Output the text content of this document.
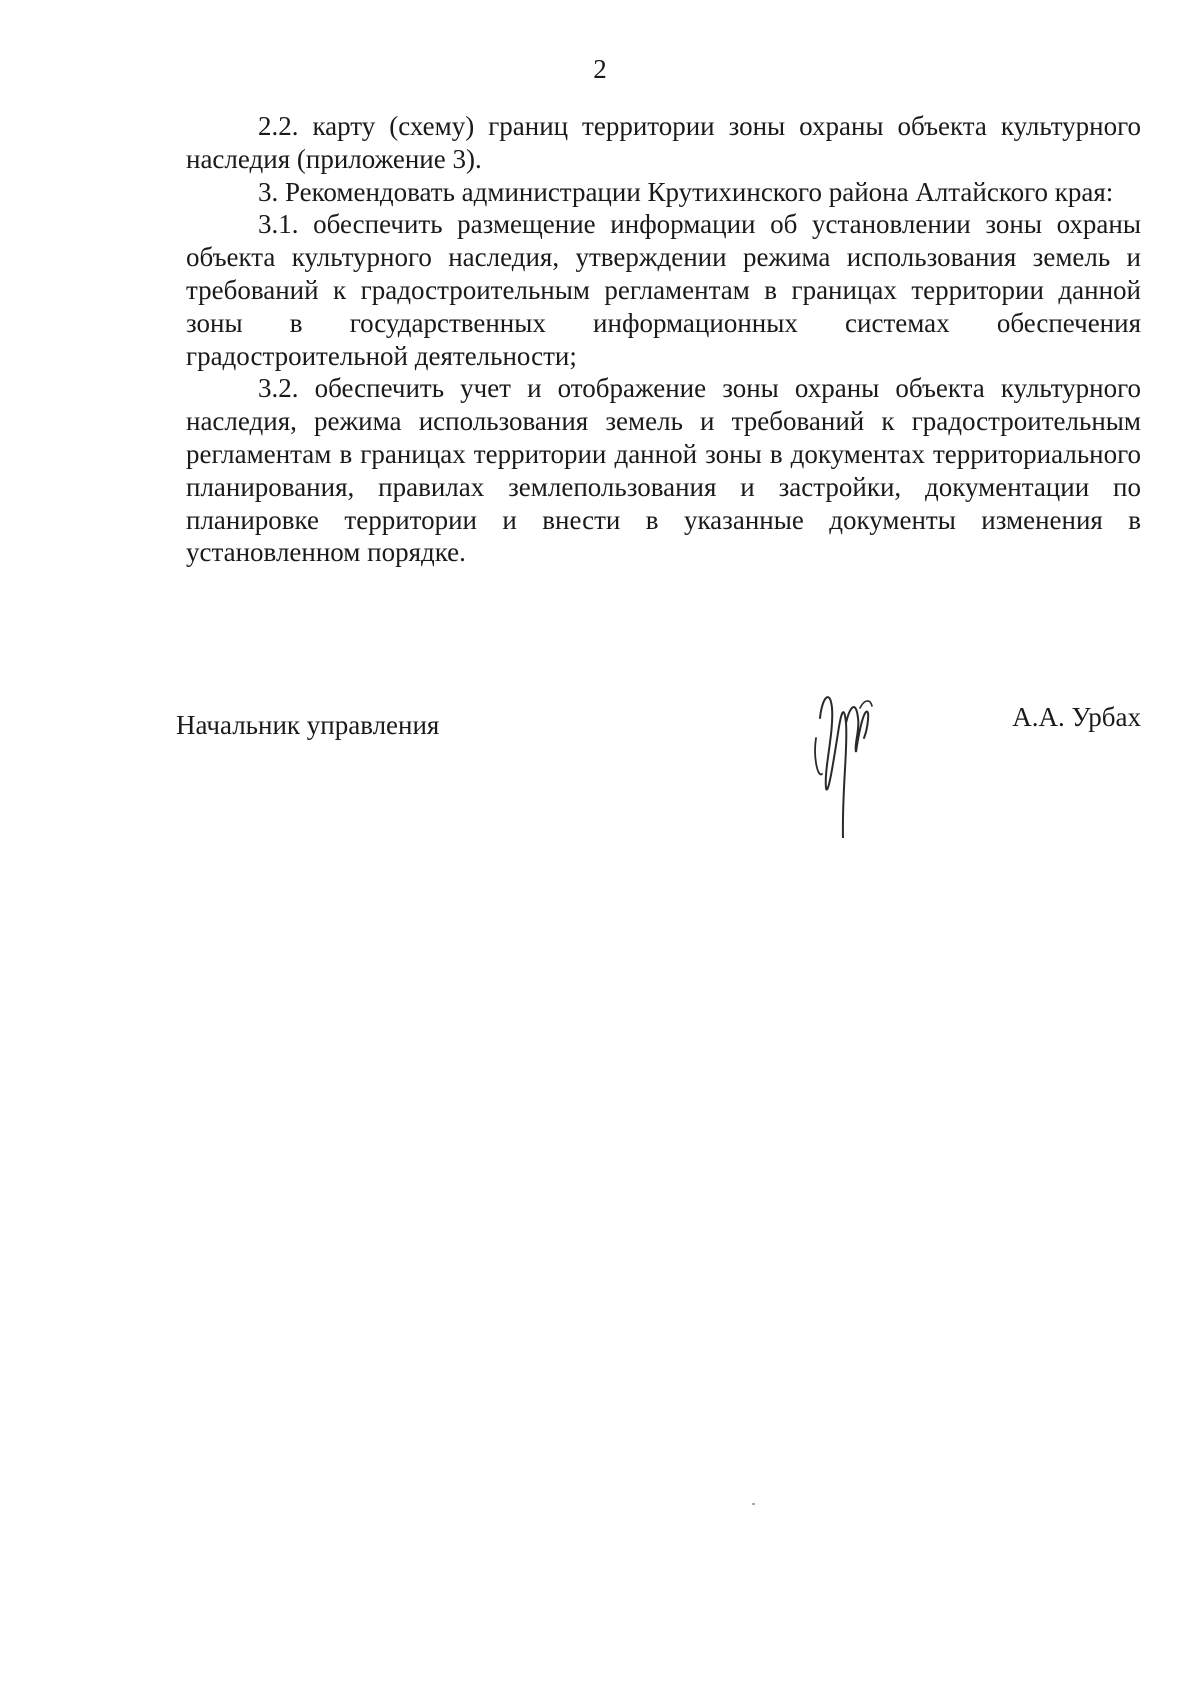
2

2.2. карту (схему) границ территории зоны охраны объекта культурного наследия (приложение 3).

3. Рекомендовать администрации Крутихинского района Алтайского края:

3.1. обеспечить размещение информации об установлении зоны охраны объекта культурного наследия, утверждении режима использования земель и требований к градостроительным регламентам в границах территории данной зоны в государственных информационных системах обеспечения градостроительной деятельности;

3.2. обеспечить учет и отображение зоны охраны объекта культурного наследия, режима использования земель и требований к градостроительным регламентам в границах территории данной зоны в документах территориального планирования, правилах землепользования и застройки, документации по планировке территории и внести в указанные документы изменения в установленном порядке.

Начальник управления	А.А. Урбах
